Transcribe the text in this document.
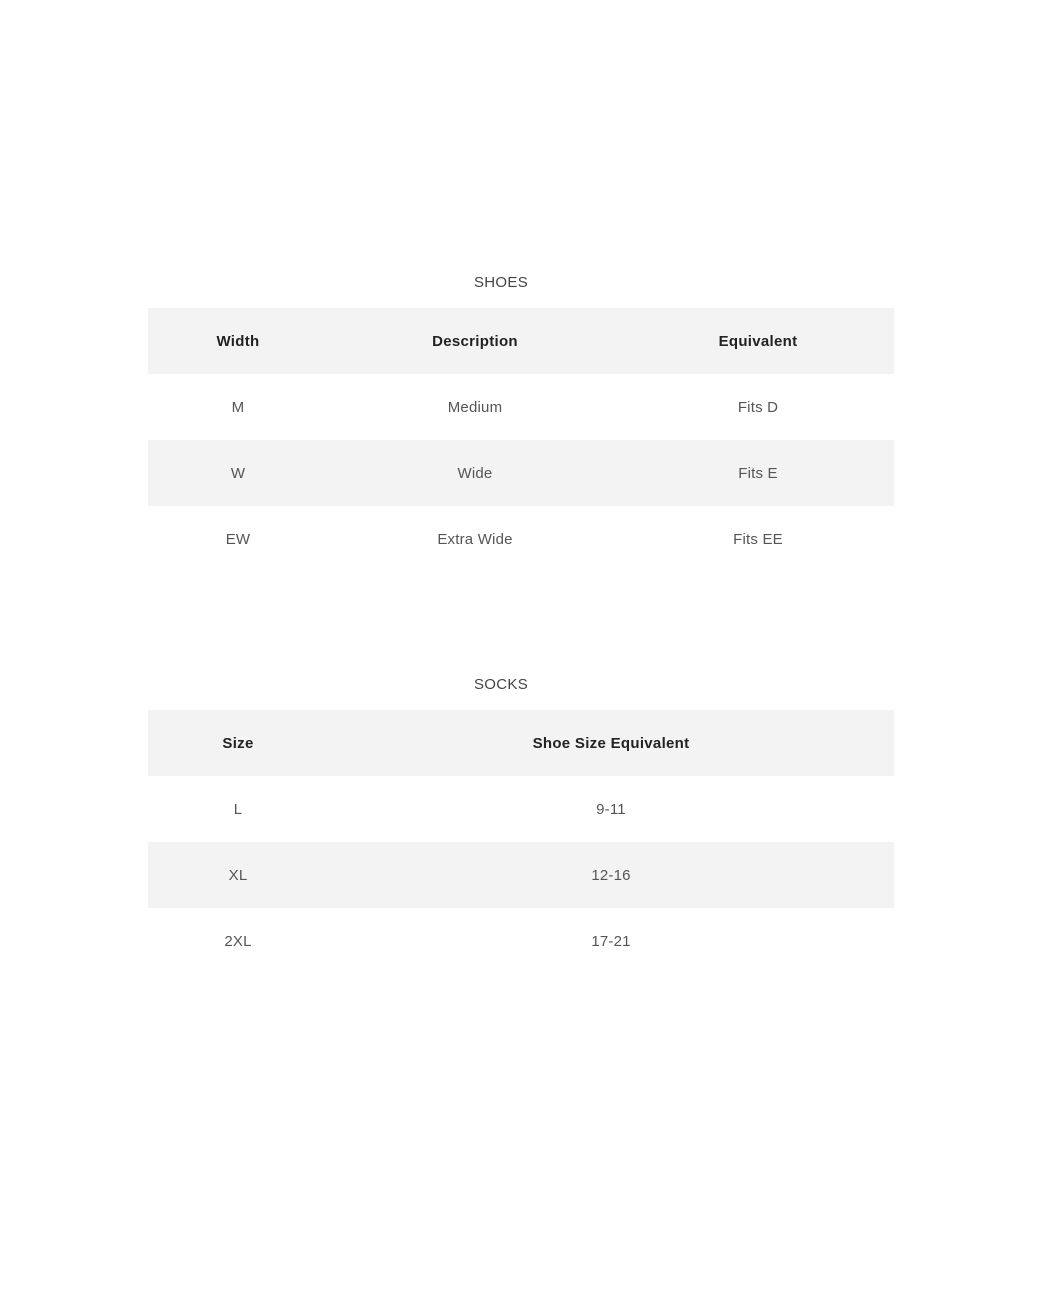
SHOES
Width	Description	Equivalent
M	Medium	Fits D
W	Wide	Fits E
EW	Extra Wide	Fits EE
SOCKS
Size	Shoe Size Equivalent
L	9-11
XL	12-16
2XL	17-21
